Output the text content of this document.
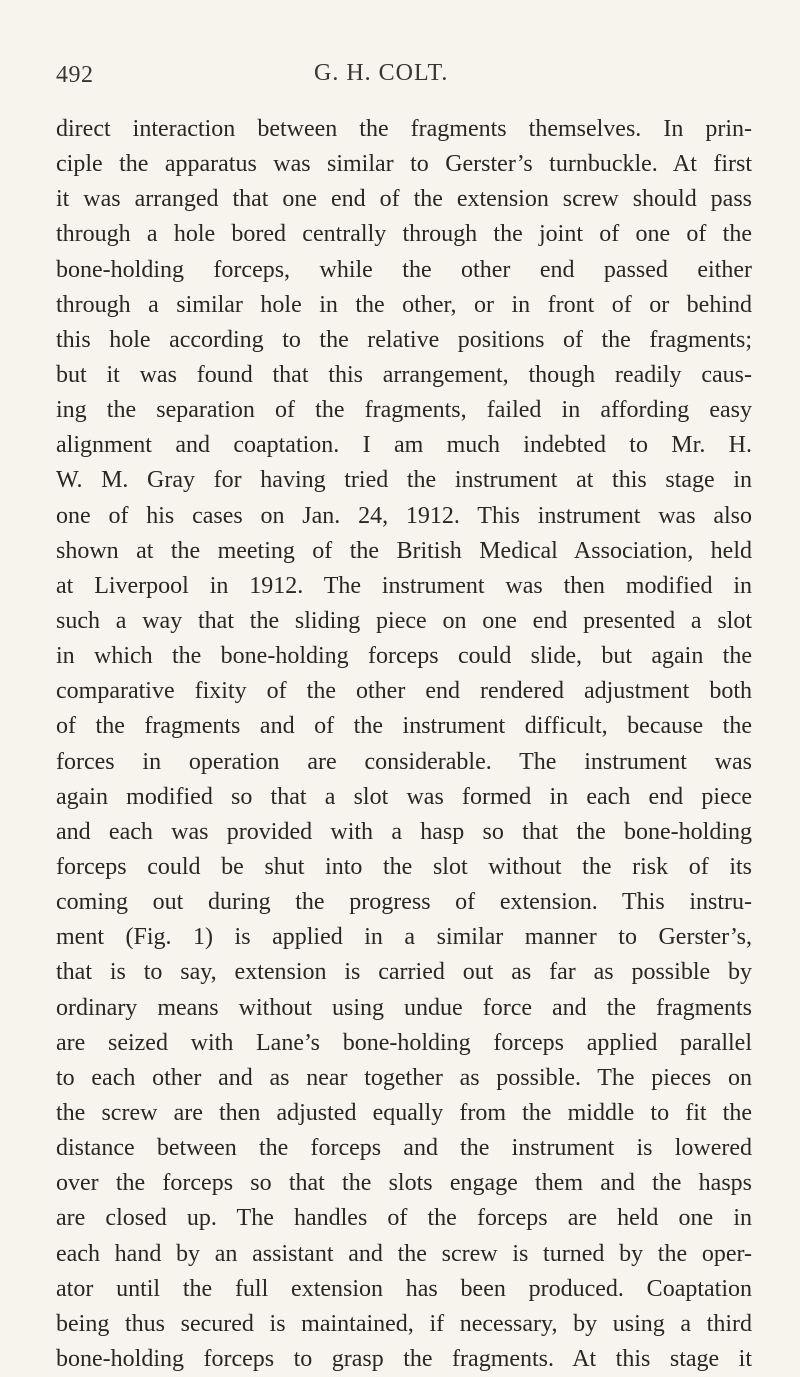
492	G. H. COLT.
direct interaction between the fragments themselves. In prin-
ciple the apparatus was similar to Gerster’s turnbuckle. At first
it was arranged that one end of the extension screw should pass
through a hole bored centrally through the joint of one of the
bone-holding forceps, while the other end passed either
through a similar hole in the other, or in front of or behind
this hole according to the relative positions of the fragments;
but it was found that this arrangement, though readily caus-
ing the separation of the fragments, failed in affording easy
alignment and coaptation. I am much indebted to Mr. H.
W. M. Gray for having tried the instrument at this stage in
one of his cases on Jan. 24, 1912. This instrument was also
shown at the meeting of the British Medical Association, held
at Liverpool in 1912. The instrument was then modified in
such a way that the sliding piece on one end presented a slot
in which the bone-holding forceps could slide, but again the
comparative fixity of the other end rendered adjustment both
of the fragments and of the instrument difficult, because the
forces in operation are considerable. The instrument was
again modified so that a slot was formed in each end piece
and each was provided with a hasp so that the bone-holding
forceps could be shut into the slot without the risk of its
coming out during the progress of extension. This instru-
ment (Fig. 1) is applied in a similar manner to Gerster’s,
that is to say, extension is carried out as far as possible by
ordinary means without using undue force and the fragments
are seized with Lane’s bone-holding forceps applied parallel
to each other and as near together as possible. The pieces on
the screw are then adjusted equally from the middle to fit the
distance between the forceps and the instrument is lowered
over the forceps so that the slots engage them and the hasps
are closed up. The handles of the forceps are held one in
each hand by an assistant and the screw is turned by the oper-
ator until the full extension has been produced. Coaptation
being thus secured is maintained, if necessary, by using a third
bone-holding forceps to grasp the fragments. At this stage it
